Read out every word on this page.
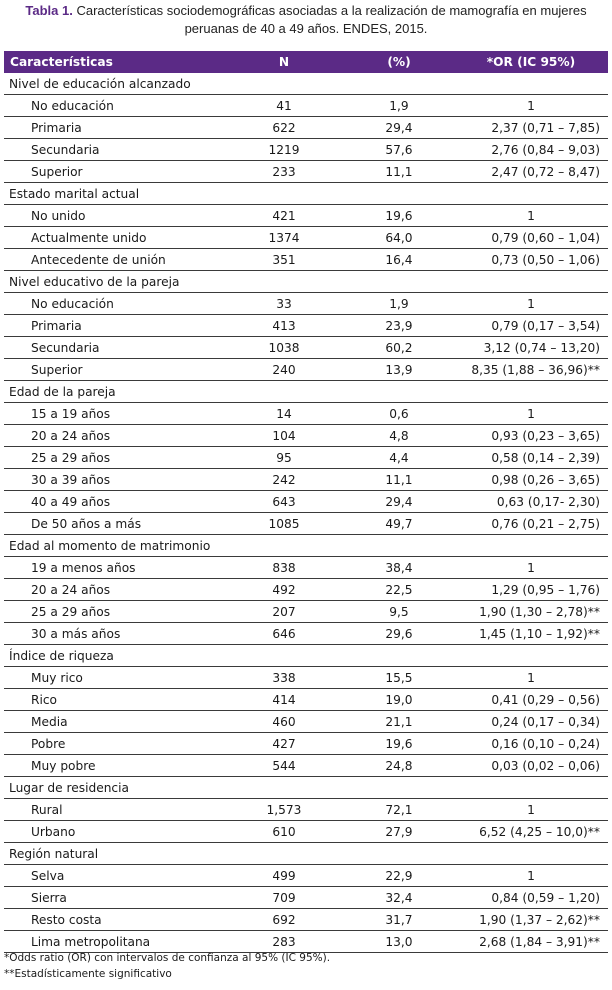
Tabla 1. Características sociodemográficas asociadas a la realización de mamografía en mujeres peruanas de 40 a 49 años. ENDES, 2015.
Características	N	(%)	*OR (IC 95%)
Nivel de educación alcanzado			
No educación	41	1,9	1
Primaria	622	29,4	2,37 (0,71 – 7,85)
Secundaria	1219	57,6	2,76 (0,84 – 9,03)
Superior	233	11,1	2,47 (0,72 – 8,47)
Estado marital actual			
No unido	421	19,6	1
Actualmente unido	1374	64,0	0,79 (0,60 – 1,04)
Antecedente de unión	351	16,4	0,73 (0,50 – 1,06)
Nivel educativo de la pareja			
No educación	33	1,9	1
Primaria	413	23,9	0,79 (0,17 – 3,54)
Secundaria	1038	60,2	3,12 (0,74 – 13,20)
Superior	240	13,9	8,35 (1,88 – 36,96)**
Edad de la pareja			
15 a 19 años	14	0,6	1
20 a 24 años	104	4,8	0,93 (0,23 – 3,65)
25 a 29 años	95	4,4	0,58 (0,14 – 2,39)
30 a 39 años	242	11,1	0,98 (0,26 – 3,65)
40 a 49 años	643	29,4	0,63 (0,17- 2,30)
De 50 años a más	1085	49,7	0,76 (0,21 – 2,75)
Edad al momento de matrimonio			
19 a menos años	838	38,4	1
20 a 24 años	492	22,5	1,29 (0,95 – 1,76)
25 a 29 años	207	9,5	1,90 (1,30 – 2,78)**
30 a más años	646	29,6	1,45 (1,10 – 1,92)**
Índice de riqueza			
Muy rico	338	15,5	1
Rico	414	19,0	0,41 (0,29 – 0,56)
Media	460	21,1	0,24 (0,17 – 0,34)
Pobre	427	19,6	0,16 (0,10 – 0,24)
Muy pobre	544	24,8	0,03 (0,02 – 0,06)
Lugar de residencia			
Rural	1,573	72,1	1
Urbano	610	27,9	6,52 (4,25 – 10,0)**
Región natural			
Selva	499	22,9	1
Sierra	709	32,4	0,84 (0,59 – 1,20)
Resto costa	692	31,7	1,90 (1,37 – 2,62)**
Lima metropolitana	283	13,0	2,68 (1,84 – 3,91)**
*Odds ratio (OR) con intervalos de confianza al 95% (IC 95%).
**Estadísticamente significativo
